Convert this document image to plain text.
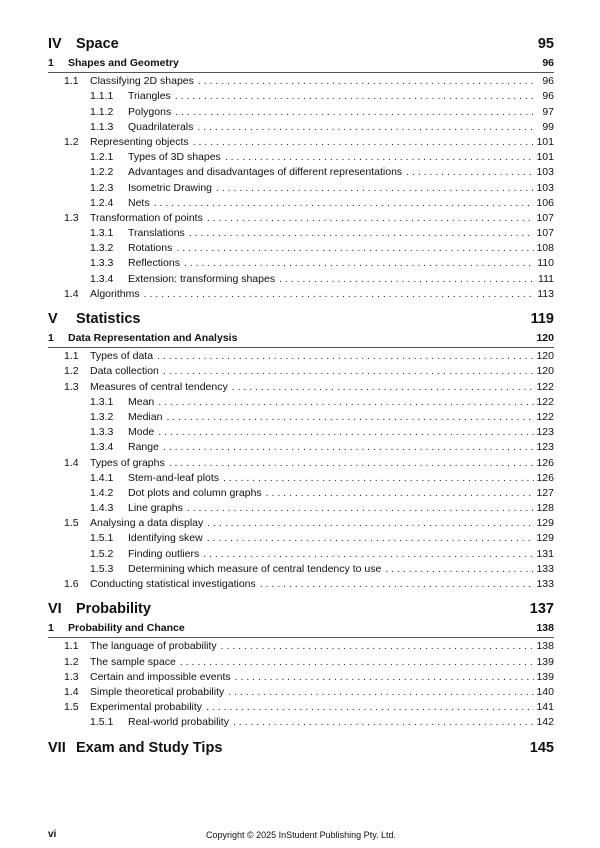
IV Space	95
1 Shapes and Geometry	96
1.1	Classifying 2D shapes . . .	96
1.1.1	Triangles . . .	96
1.1.2	Polygons . . .	97
1.1.3	Quadrilaterals . . .	99
1.2	Representing objects . . .	101
1.2.1	Types of 3D shapes . . .	101
1.2.2	Advantages and disadvantages of different representations . . .	103
1.2.3	Isometric Drawing . . .	103
1.2.4	Nets . . .	106
1.3	Transformation of points . . .	107
1.3.1	Translations . . .	107
1.3.2	Rotations . . .	108
1.3.3	Reflections . . .	110
1.3.4	Extension: transforming shapes . . .	111
1.4	Algorithms . . .	113
V Statistics	119
1 Data Representation and Analysis	120
1.1	Types of data . . .	120
1.2	Data collection . . .	120
1.3	Measures of central tendency . . .	122
1.3.1	Mean . . .	122
1.3.2	Median . . .	122
1.3.3	Mode . . .	123
1.3.4	Range . . .	123
1.4	Types of graphs . . .	126
1.4.1	Stem-and-leaf plots . . .	126
1.4.2	Dot plots and column graphs . . .	127
1.4.3	Line graphs . . .	128
1.5	Analysing a data display . . .	129
1.5.1	Identifying skew . . .	129
1.5.2	Finding outliers . . .	131
1.5.3	Determining which measure of central tendency to use . . .	133
1.6	Conducting statistical investigations . . .	133
VI Probability	137
1 Probability and Chance	138
1.1	The language of probability . . .	138
1.2	The sample space . . .	139
1.3	Certain and impossible events . . .	139
1.4	Simple theoretical probability . . .	140
1.5	Experimental probability . . .	141
1.5.1	Real-world probability . . .	142
VII Exam and Study Tips	145
vi	Copyright © 2025 InStudent Publishing Pty. Ltd.
